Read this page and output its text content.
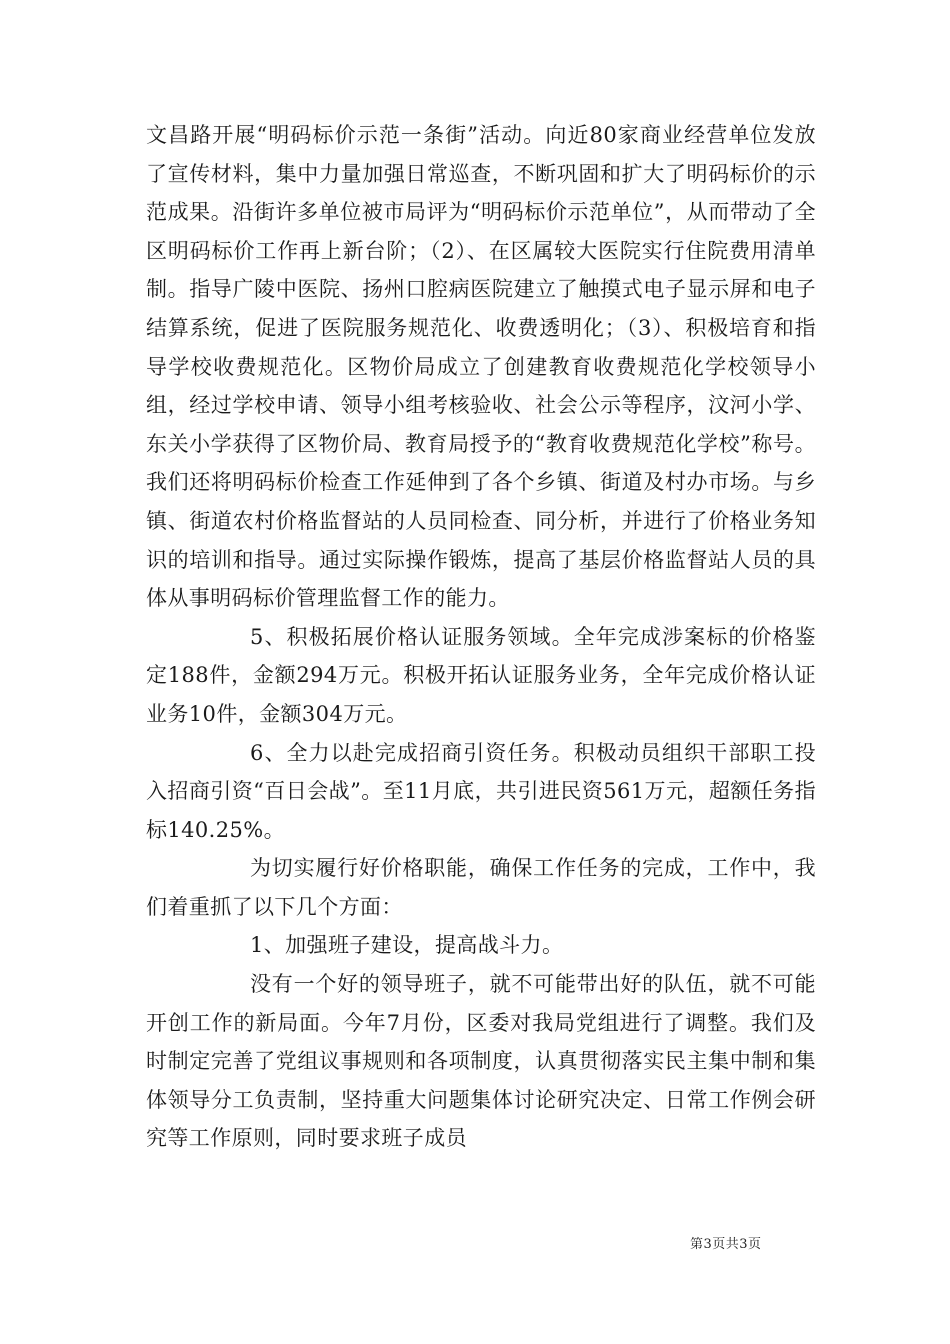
文昌路开展“明码标价示范一条街”活动。向近80家商业经营单位发放了宣传材料，集中力量加强日常巡查，不断巩固和扩大了明码标价的示范成果。沿街许多单位被市局评为“明码标价示范单位”，从而带动了全区明码标价工作再上新台阶；（2）、在区属较大医院实行住院费用清单制。指导广陵中医院、扬州口腔病医院建立了触摸式电子显示屏和电子结算系统，促进了医院服务规范化、收费透明化；（3）、积极培育和指导学校收费规范化。区物价局成立了创建教育收费规范化学校领导小组，经过学校申请、领导小组考核验收、社会公示等程序，汶河小学、东关小学获得了区物价局、教育局授予的“教育收费规范化学校”称号。我们还将明码标价检查工作延伸到了各个乡镇、街道及村办市场。与乡镇、街道农村价格监督站的人员同检查、同分析，并进行了价格业务知识的培训和指导。通过实际操作锻炼，提高了基层价格监督站人员的具体从事明码标价管理监督工作的能力。

5、积极拓展价格认证服务领域。全年完成涉案标的价格鉴定188件，金额294万元。积极开拓认证服务业务，全年完成价格认证业务10件，金额304万元。

6、全力以赴完成招商引资任务。积极动员组织干部职工投入招商引资“百日会战”。至11月底，共引进民资561万元，超额任务指标140.25%。

为切实履行好价格职能，确保工作任务的完成，工作中，我们着重抓了以下几个方面：

1、加强班子建设，提高战斗力。

没有一个好的领导班子，就不可能带出好的队伍，就不可能开创工作的新局面。今年7月份，区委对我局党组进行了调整。我们及时制定完善了党组议事规则和各项制度，认真贯彻落实民主集中制和集体领导分工负责制，坚持重大问题集体讨论研究决定、日常工作例会研究等工作原则，同时要求班子成员

第3页共3页
